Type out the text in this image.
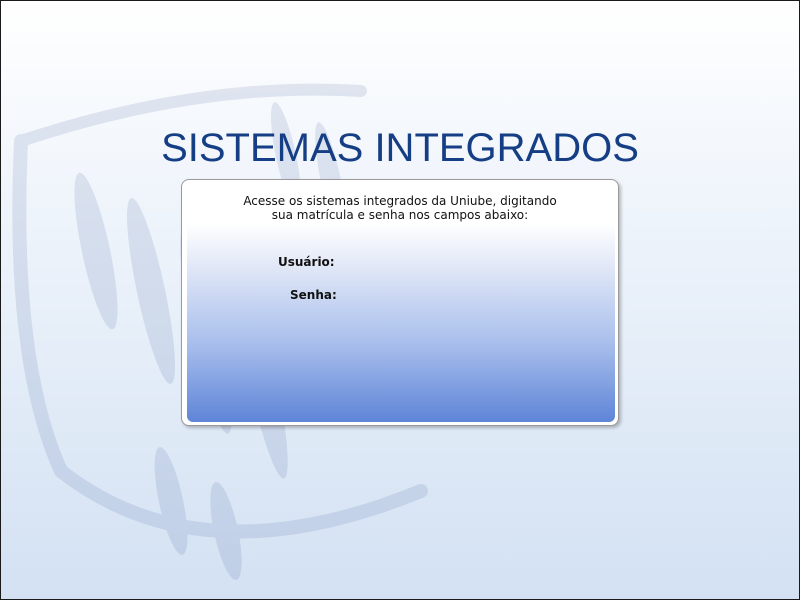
SISTEMAS INTEGRADOS
Acesse os sistemas integrados da Uniube, digitando
sua matrícula e senha nos campos abaixo:
Usuário:
Senha:
